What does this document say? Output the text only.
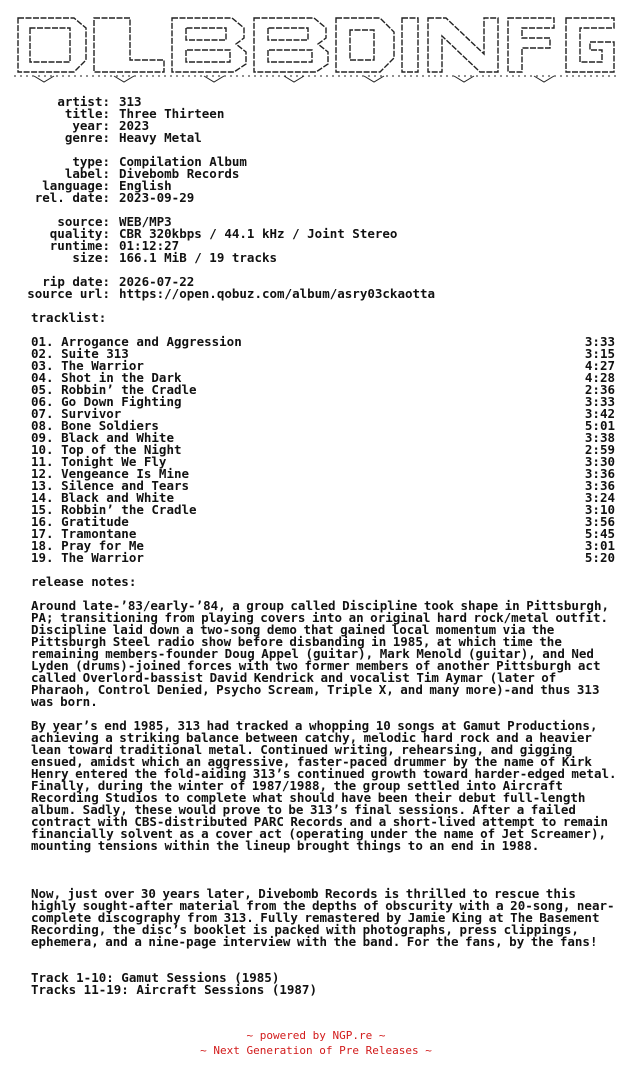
artist: 313
title: Three Thirteen
year: 2023
genre: Heavy Metal
type: Compilation Album
label: Divebomb Records
language: English
rel. date: 2023-09-29
source: WEB/MP3
quality: CBR 320kbps / 44.1 kHz / Joint Stereo
runtime: 01:12:27
size: 166.1 MiB / 19 tracks
rip date: 2026-07-22
source url: https://open.qobuz.com/album/asry03ckaotta
tracklist:
01. Arrogance and Aggression	3:33
02. Suite 313	3:15
03. The Warrior	4:27
04. Shot in the Dark	4:28
05. Robbin’ the Cradle	2:36
06. Go Down Fighting	3:33
07. Survivor	3:42
08. Bone Soldiers	5:01
09. Black and White	3:38
10. Top of the Night	2:59
11. Tonight We Fly	3:30
12. Vengeance Is Mine	3:36
13. Silence and Tears	3:36
14. Black and White	3:24
15. Robbin’ the Cradle	3:10
16. Gratitude	3:56
17. Tramontane	5:45
18. Pray for Me	3:01
19. The Warrior	5:20
release notes:
Around late-’83/early-’84, a group called Discipline took shape in Pittsburgh, PA; transitioning from playing covers into an original hard rock/metal outfit. Discipline laid down a two-song demo that gained local momentum via the Pittsburgh Steel radio show before disbanding in 1985, at which time the remaining members-founder Doug Appel (guitar), Mark Menold (guitar), and Ned Lyden (drums)-joined forces with two former members of another Pittsburgh act called Overlord-bassist David Kendrick and vocalist Tim Aymar (later of Pharaoh, Control Denied, Psycho Scream, Triple X, and many more)-and thus 313 was born.
By year’s end 1985, 313 had tracked a whopping 10 songs at Gamut Productions, achieving a striking balance between catchy, melodic hard rock and a heavier lean toward traditional metal. Continued writing, rehearsing, and gigging ensued, amidst which an aggressive, faster-paced drummer by the name of Kirk Henry entered the fold-aiding 313’s continued growth toward harder-edged metal. Finally, during the winter of 1987/1988, the group settled into Aircraft Recording Studios to complete what should have been their debut full-length album. Sadly, these would prove to be 313’s final sessions. After a failed contract with CBS-distributed PARC Records and a short-lived attempt to remain financially solvent as a cover act (operating under the name of Jet Screamer), mounting tensions within the lineup brought things to an end in 1988.
Now, just over 30 years later, Divebomb Records is thrilled to rescue this highly sought-after material from the depths of obscurity with a 20-song, near-complete discography from 313. Fully remastered by Jamie King at The Basement Recording, the disc’s booklet is packed with photographs, press clippings, ephemera, and a nine-page interview with the band. For the fans, by the fans!
Track 1-10: Gamut Sessions (1985)
Tracks 11-19: Aircraft Sessions (1987)
~ powered by NGP.re ~
~ Next Generation of Pre Releases ~
